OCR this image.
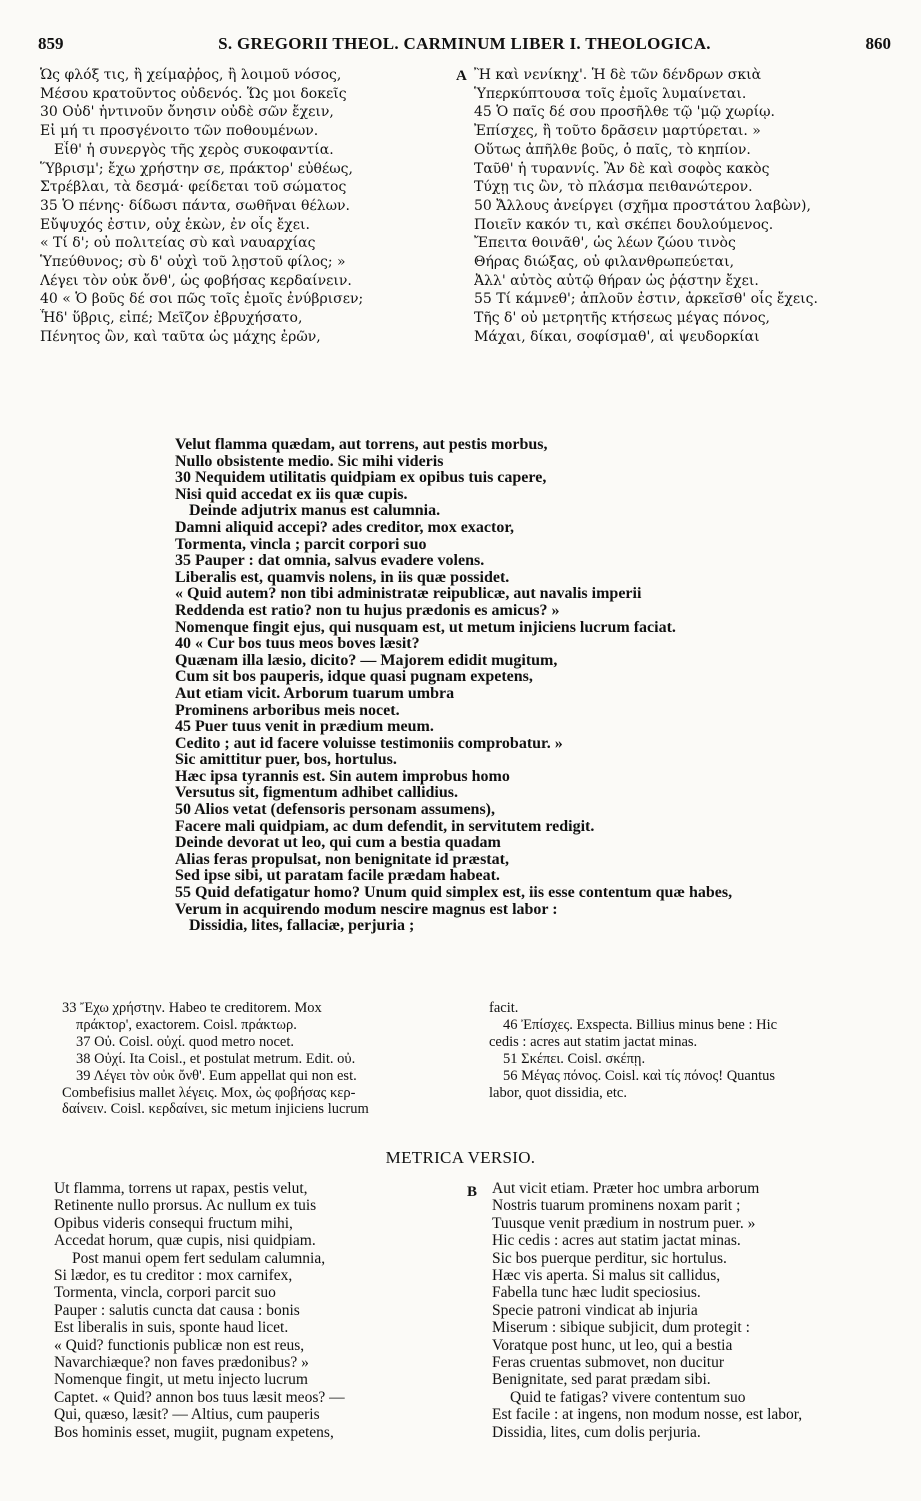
859	S. GREGORII THEOL. CARMINUM LIBER I. THEOLOGICA.	860
Ὡς φλόξ τις, ἢ χείμαῤῥος, ἢ λοιμοῦ νόσος,
Μέσου κρατοῦντος οὐδενός. Ὥς μοι δοκεῖς
30 Οὐδ' ἡντινοῦν ὄνησιν οὐδὲ σῶν ἔχειν,
Εἰ μή τι προσγένοιτο τῶν ποθουμένων.
Εἶθ' ἡ συνεργὸς τῆς χερὸς συκοφαντία.
Ὕβρισμ'; ἔχω χρήστην σε, πράκτορ' εὐθέως,
Στρέβλαι, τὰ δεσμά· φείδεται τοῦ σώματος
35 Ὁ πένης· δίδωσι πάντα, σωθῆναι θέλων.
Εὔψυχός ἐστιν, οὐχ ἑκὼν, ἐν οἷς ἔχει.
« Τί δ'; οὐ πολιτείας σὺ καὶ ναυαρχίας
Ὑπεύθυνος; σὺ δ' οὐχὶ τοῦ λῃστοῦ φίλος; »
Λέγει τὸν οὐκ ὄνθ', ὡς φοβήσας κερδαίνειν.
40 « Ὁ βοῦς δέ σοι πῶς τοῖς ἐμοῖς ἐνύβρισεν;
Ἦδ' ὕβρις, εἰπέ; Μεῖζον ἐβρυχήσατο,
Πένητος ὢν, καὶ ταῦτα ὡς μάχης ἐρῶν,
A Ἢ καὶ νενίκηχ'. Ἡ δὲ τῶν δένδρων σκιὰ
Ὑπερκύπτουσα τοῖς ἐμοῖς λυμαίνεται.
45 Ὁ παῖς δέ σου προσῆλθε τῷ 'μῷ χωρίῳ.
Ἐπίσχες, ἢ τοῦτο δρᾶσειν μαρτύρεται. »
Οὕτως ἀπῆλθε βοῦς, ὁ παῖς, τὸ κηπίον.
Ταῦθ' ἡ τυραννίς. Ἂν δὲ καὶ σοφὸς κακὸς
Τύχῃ τις ὢν, τὸ πλάσμα πειθανώτερον.
50 Ἄλλους ἀνείργει (σχῆμα προστάτου λαβὼν),
Ποιεῖν κακόν τι, καὶ σκέπει δουλούμενος.
Ἔπειτα θοινᾶθ', ὡς λέων ζώου τινὸς
Θήρας διώξας, οὐ φιλανθρωπεύεται,
Ἀλλ' αὐτὸς αὐτῷ θήραν ὡς ῥᾴστην ἔχει.
55 Τί κάμνεθ'; ἁπλοῦν ἐστιν, ἀρκεῖσθ' οἷς ἔχεις.
Τῆς δ' οὐ μετρητῆς κτήσεως μέγας πόνος,
Μάχαι, δίκαι, σοφίσμαθ', αἱ ψευδορκίαι
Velut flamma quædam, aut torrens, aut pestis morbus,
Nullo obsistente medio. Sic mihi videris
30 Nequidem utilitatis quidpiam ex opibus tuis capere,
Nisi quid accedat ex iis quæ cupis.
Deinde adjutrix manus est calumnia.
Damni aliquid accepi? ades creditor, mox exactor,
Tormenta, vincla ; parcit corpori suo
35 Pauper : dat omnia, salvus evadere volens.
Liberalis est, quamvis nolens, in iis quæ possidet.
« Quid autem? non tibi administratæ reipublicæ, aut navalis imperii
Reddenda est ratio? non tu hujus prædonis es amicus? »
Nomenque fingit ejus, qui nusquam est, ut metum injiciens lucrum faciat.
40 « Cur bos tuus meos boves læsit?
Quænam illa læsio, dicito? — Majorem edidit mugitum,
Cum sit bos pauperis, idque quasi pugnam expetens,
Aut etiam vicit. Arborum tuarum umbra
Prominens arboribus meis nocet.
45 Puer tuus venit in prædium meum.
Cedito ; aut id facere voluisse testimoniis comprobatur. »
Sic amittitur puer, bos, hortulus.
Hæc ipsa tyrannis est. Sin autem improbus homo
Versutus sit, figmentum adhibet callidius.
50 Alios vetat (defensoris personam assumens),
Facere mali quidpiam, ac dum defendit, in servitutem redigit.
Deinde devorat ut leo, qui cum a bestia quadam
Alias feras propulsat, non benignitate id præstat,
Sed ipse sibi, ut paratam facile prædam habeat.
55 Quid defatigatur homo? Unum quid simplex est, iis esse contentum quæ habes,
Verum in acquirendo modum nescire magnus est labor :
Dissidia, lites, fallaciæ, perjuria ;
33 Ἔχω χρήστην. Habeo te creditorem. Mox
πράκτορ', exactorem. Coisl. πράκτωρ.
37 Οὐ. Coisl. οὐχί. quod metro nocet.
38 Οὐχί. Ita Coisl., et postulat metrum. Edit. οὐ.
39 Λέγει τὸν οὐκ ὄνθ'. Eum appellat qui non est.
Combefisius mallet λέγεις. Mox, ὡς φοβήσας κερ-
δαίνειν. Coisl. κερδαίνει, sic metum injiciens lucrum
facit.
46 Ἐπίσχες. Exspecta. Billius minus bene : Hic
cedis : acres aut statim jactat minas.
51 Σκέπει. Coisl. σκέπῃ.
56 Μέγας πόνος. Coisl. καὶ τίς πόνος! Quantus
labor, quot dissidia, etc.
METRICA VERSIO.
Ut flamma, torrens ut rapax, pestis velut,
Retinente nullo prorsus. Ac nullum ex tuis
Opibus videris consequi fructum mihi,
Accedat horum, quæ cupis, nisi quidpiam.
Post manui opem fert sedulam calumnia,
Si lædor, es tu creditor : mox carnifex,
Tormenta, vincla, corpori parcit suo
Pauper : salutis cuncta dat causa : bonis
Est liberalis in suis, sponte haud licet.
« Quid? functionis publicæ non est reus,
Navarchiæque? non faves prædonibus? »
Nomenque fingit, ut metu injecto lucrum
Captet. « Quid? annon bos tuus læsit meos? —
Qui, quæso, læsit? — Altius, cum pauperis
Bos hominis esset, mugiit, pugnam expetens,
B Aut vicit etiam. Præter hoc umbra arborum
Nostris tuarum prominens noxam parit ;
Tuusque venit prædium in nostrum puer. »
Hic cedis : acres aut statim jactat minas.
Sic bos puerque perditur, sic hortulus.
Hæc vis aperta. Si malus sit callidus,
Fabella tunc hæc ludit speciosius.
Specie patroni vindicat ab injuria
Miserum : sibique subjicit, dum protegit :
Voratque post hunc, ut leo, qui a bestia
Feras cruentas submovet, non ducitur
Benignitate, sed parat prædam sibi.
Quid te fatigas? vivere contentum suo
Est facile : at ingens, non modum nosse, est labor,
Dissidia, lites, cum dolis perjuria.
